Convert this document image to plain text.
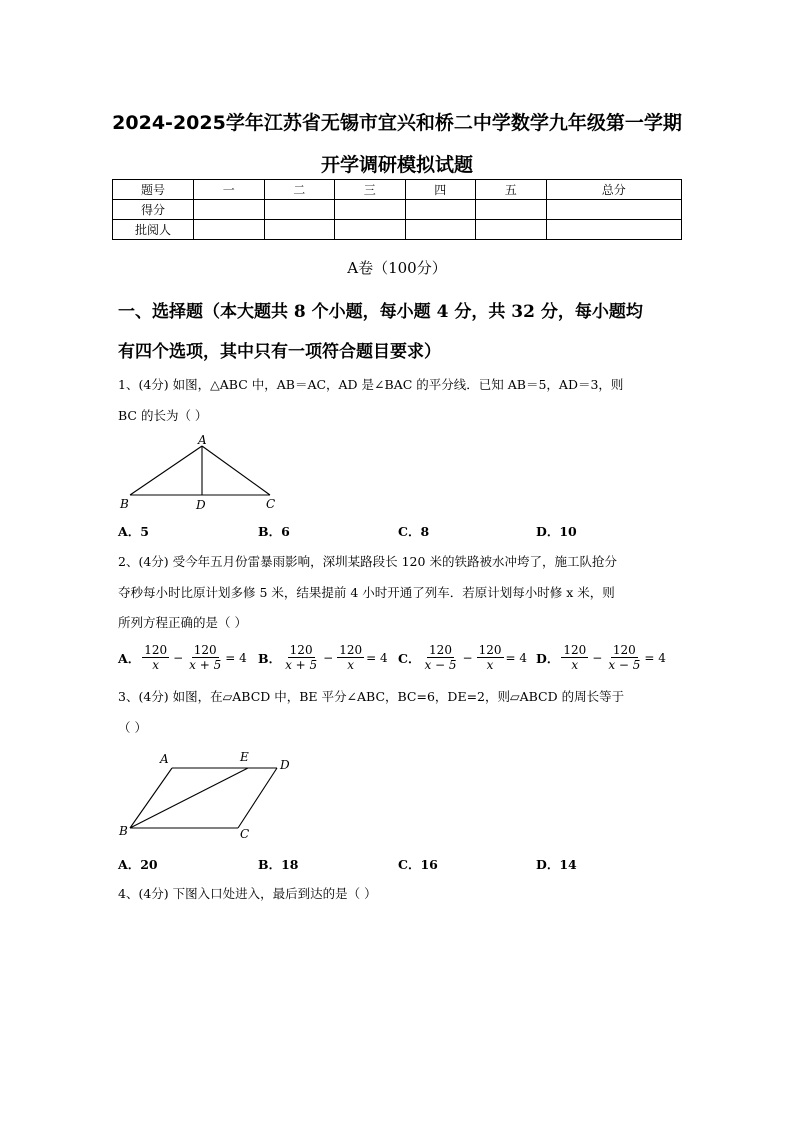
2024-2025学年江苏省无锡市宜兴和桥二中学数学九年级第一学期
开学调研模拟试题
题号	一	二	三	四	五	总分
得分						
批阅人						
A卷（100分）
一、选择题（本大题共 8 个小题，每小题 4 分，共 32 分，每小题均
有四个选项，其中只有一项符合题目要求）
1、(4分) 如图，△ABC 中，AB＝AC，AD 是∠BAC 的平分线．已知 AB＝5，AD＝3，则
BC 的长为（ ）
A
B	D	C
A．5	B．6	C．8	D．10
2、(4分) 受今年五月份雷暴雨影响，深圳某路段长 120 米的铁路被水冲垮了，施工队抢分
夺秒每小时比原计划多修 5 米，结果提前 4 小时开通了列车．若原计划每小时修 x 米，则
所列方程正确的是（ ）
A． $\frac{120}{x} - \frac{120}{x + 5} = 4$ B． $\frac{120}{x + 5} - \frac{120}{x} = 4$ C． $\frac{120}{x - 5} - \frac{120}{x} = 4$ D． $\frac{120}{x} - \frac{120}{x - 5} = 4$
3、(4分) 如图，在▱ABCD 中，BE 平分∠ABC，BC=6，DE=2，则▱ABCD 的周长等于
（ ）
A	E
D
B	C
A．20	B．18	C．16	D．14
4、(4分) 下图入口处进入，最后到达的是（ ）
